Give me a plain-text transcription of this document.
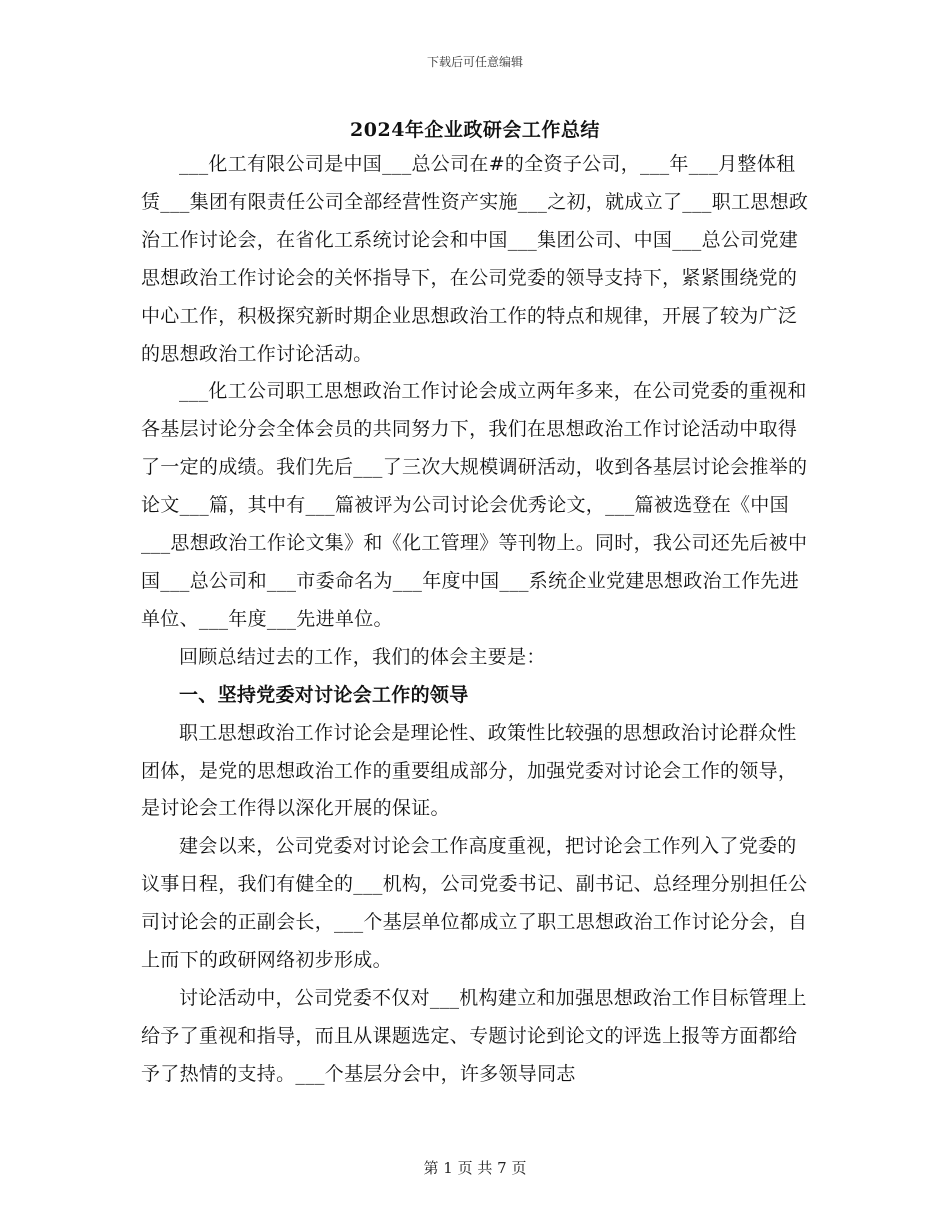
下载后可任意编辑
2024年企业政研会工作总结

___化工有限公司是中国___总公司在#的全资子公司，___年___月整体租赁___集团有限责任公司全部经营性资产实施___之初，就成立了___职工思想政治工作讨论会，在省化工系统讨论会和中国___集团公司、中国___总公司党建思想政治工作讨论会的关怀指导下，在公司党委的领导支持下，紧紧围绕党的中心工作，积极探究新时期企业思想政治工作的特点和规律，开展了较为广泛的思想政治工作讨论活动。

___化工公司职工思想政治工作讨论会成立两年多来，在公司党委的重视和各基层讨论分会全体会员的共同努力下，我们在思想政治工作讨论活动中取得了一定的成绩。我们先后___了三次大规模调研活动，收到各基层讨论会推举的论文___篇，其中有___篇被评为公司讨论会优秀论文，___篇被选登在《中国___思想政治工作论文集》和《化工管理》等刊物上。同时，我公司还先后被中国___总公司和___市委命名为___年度中国___系统企业党建思想政治工作先进单位、___年度___先进单位。

回顾总结过去的工作，我们的体会主要是：

一、坚持党委对讨论会工作的领导

职工思想政治工作讨论会是理论性、政策性比较强的思想政治讨论群众性团体，是党的思想政治工作的重要组成部分，加强党委对讨论会工作的领导，是讨论会工作得以深化开展的保证。

建会以来，公司党委对讨论会工作高度重视，把讨论会工作列入了党委的议事日程，我们有健全的___机构，公司党委书记、副书记、总经理分别担任公司讨论会的正副会长，___个基层单位都成立了职工思想政治工作讨论分会，自上而下的政研网络初步形成。

讨论活动中，公司党委不仅对___机构建立和加强思想政治工作目标管理上给予了重视和指导，而且从课题选定、专题讨论到论文的评选上报等方面都给予了热情的支持。___个基层分会中，许多领导同志

第 1 页 共 7 页
